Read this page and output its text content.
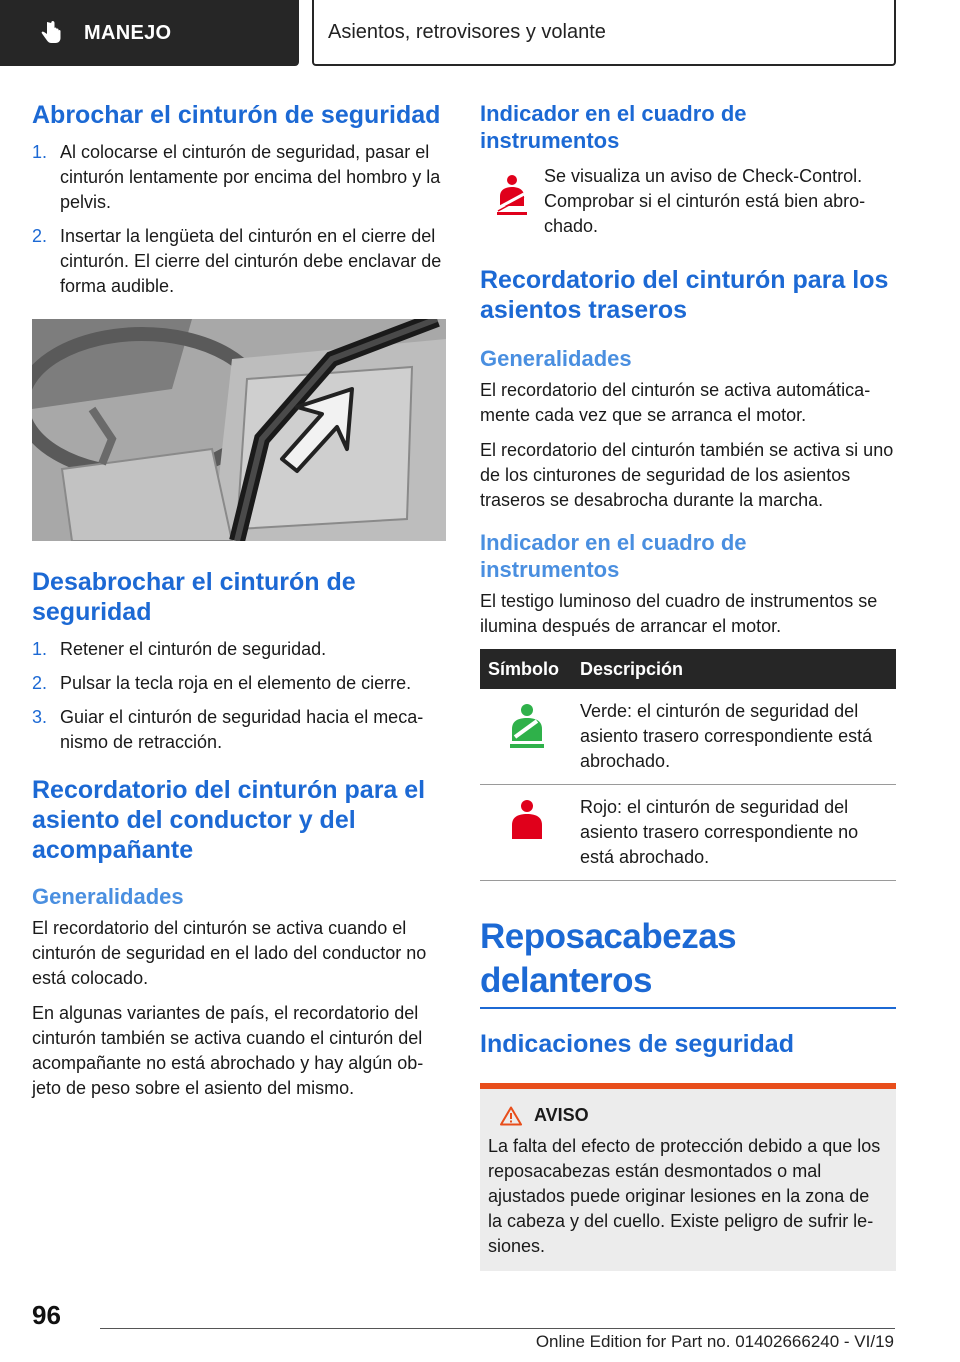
MANEJO	Asientos, retrovisores y volante
Abrochar el cinturón de seguridad
1. Al colocarse el cinturón de seguridad, pasar el cinturón lentamente por encima del hombro y la pelvis.
2. Insertar la lengüeta del cinturón en el cierre del cinturón. El cierre del cinturón debe enclavar de forma audible.
Desabrochar el cinturón de seguridad
1. Retener el cinturón de seguridad.
2. Pulsar la tecla roja en el elemento de cierre.
3. Guiar el cinturón de seguridad hacia el mecanismo de retracción.
Recordatorio del cinturón para el asiento del conductor y del acompañante
Generalidades

El recordatorio del cinturón se activa cuando el cinturón de seguridad en el lado del conductor no está colocado.

En algunas variantes de país, el recordatorio del cinturón también se activa cuando el cinturón del acompañante no está abrochado y hay algún objeto de peso sobre el asiento del mismo.

Indicador en el cuadro de instrumentos

Se visualiza un aviso de Check-Control. Comprobar si el cinturón está bien abrochado.

Recordatorio del cinturón para los asientos traseros
Generalidades

El recordatorio del cinturón se activa automáticamente cada vez que se arranca el motor.

El recordatorio del cinturón también se activa si uno de los cinturones de seguridad de los asientos traseros se desabrocha durante la marcha.

Indicador en el cuadro de instrumentos

El testigo luminoso del cuadro de instrumentos se ilumina después de arrancar el motor.

Símbolo	Descripción
	Verde: el cinturón de seguridad del asiento trasero correspondiente está abrochado.
	Rojo: el cinturón de seguridad del asiento trasero correspondiente no está abrochado.
Reposacabezas delanteros
Indicaciones de seguridad
AVISO

La falta del efecto de protección debido a que los reposacabezas están desmontados o mal ajustados puede originar lesiones en la zona de la cabeza y del cuello. Existe peligro de sufrir lesiones.

96
Online Edition for Part no. 01402666240 - VI/19
